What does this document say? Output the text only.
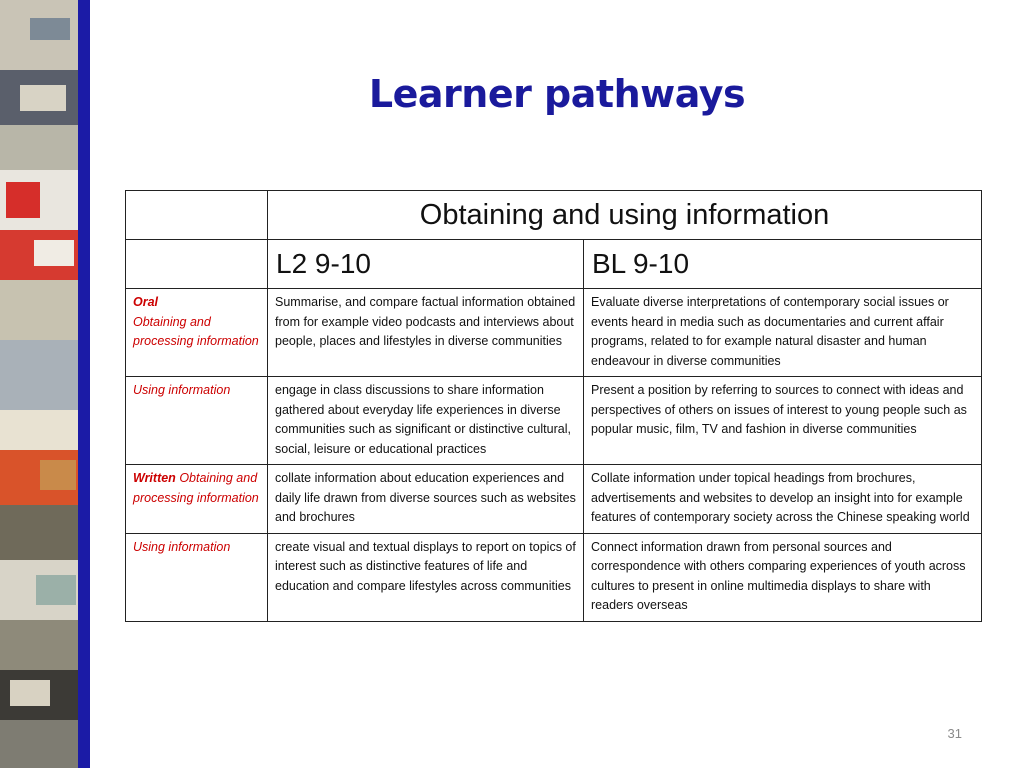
Learner pathways
	Obtaining and using information	
	L2 9-10	BL 9-10
Oral
Obtaining and processing information	Summarise, and compare factual information obtained from for example video podcasts and interviews about people, places and lifestyles in diverse communities	Evaluate diverse interpretations of contemporary social issues or events heard in media such as documentaries and current affair programs, related to for example natural disaster and human endeavour in diverse communities
Using information	engage in class discussions to share information gathered about everyday life experiences in diverse communities such as significant or distinctive cultural, social, leisure or educational practices	Present a position by referring to sources to connect with ideas and perspectives of others on issues of interest to young people such as popular music, film, TV and fashion in diverse communities
Written Obtaining and processing information	collate information about education experiences and daily life drawn from diverse sources such as websites and brochures	Collate information under topical headings from brochures, advertisements and websites to develop an insight into for example features of contemporary society across the Chinese speaking world
Using information	create visual and textual displays to report on topics of interest such as distinctive features of life and education and compare lifestyles across communities	Connect information drawn from personal sources and correspondence with others comparing experiences of youth across cultures to present in online multimedia displays to share with readers overseas
31
